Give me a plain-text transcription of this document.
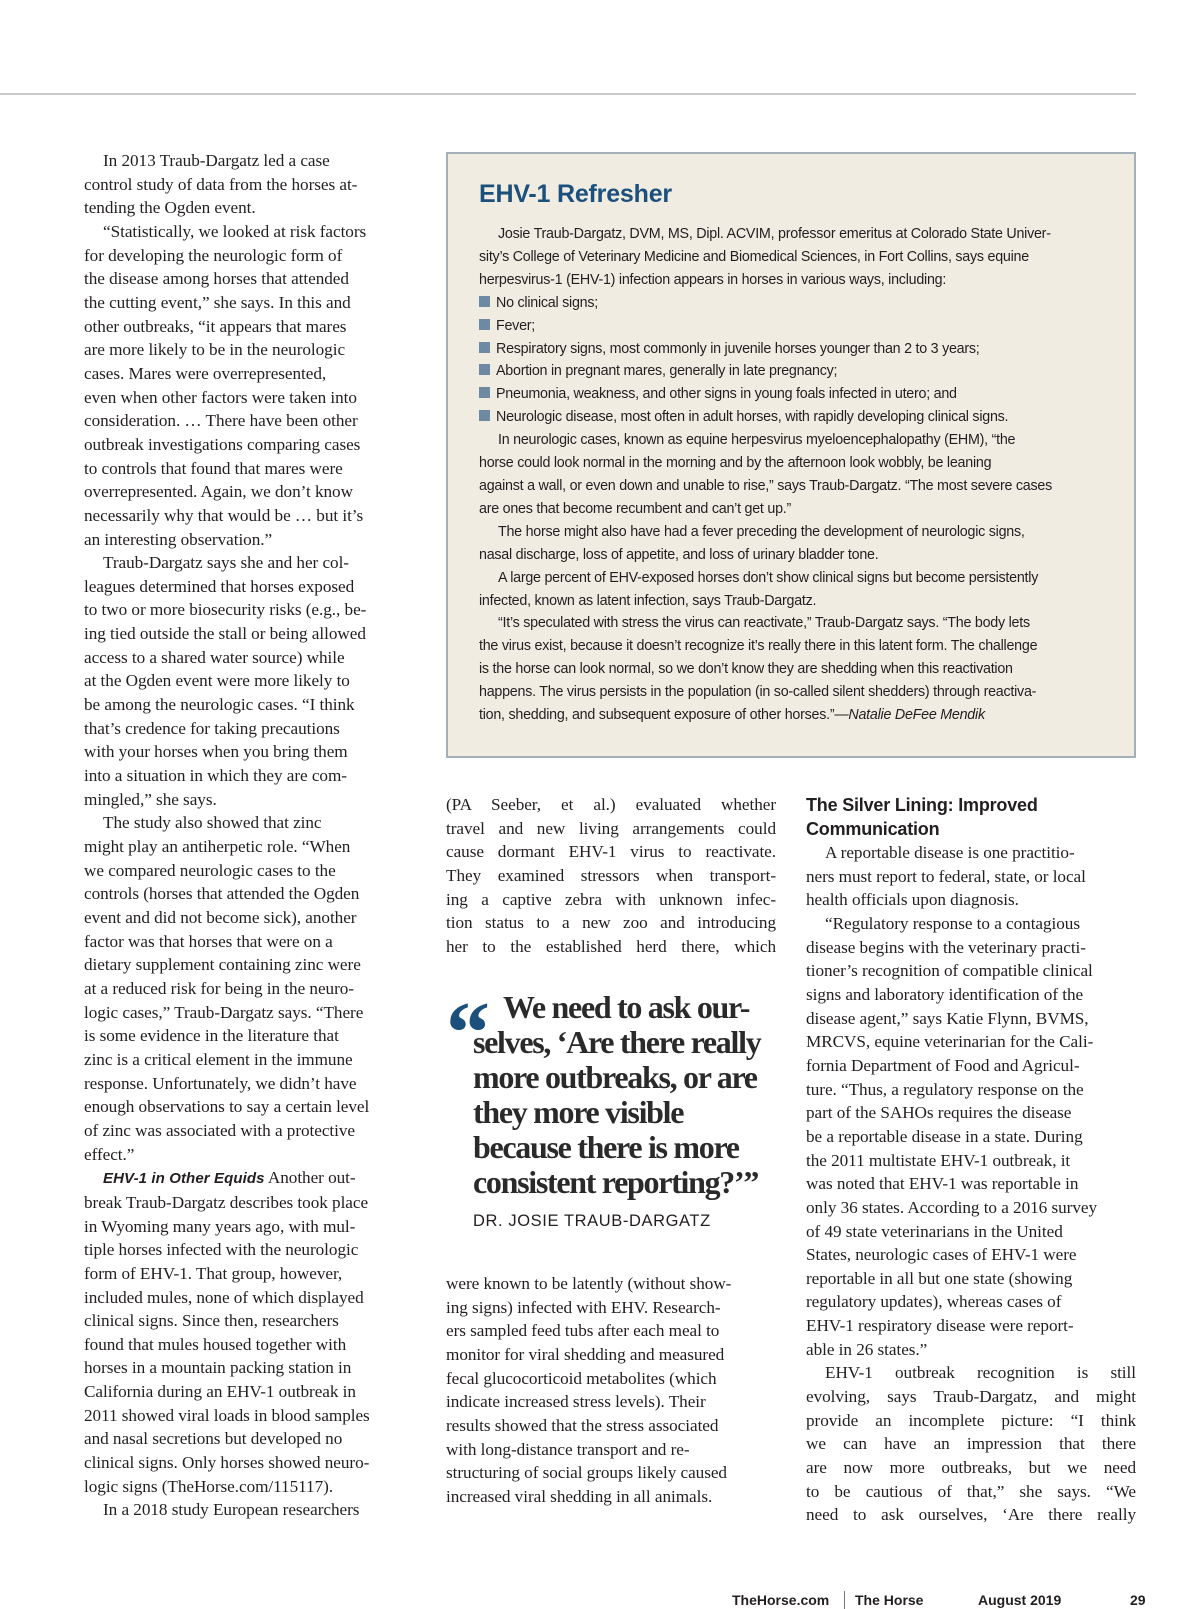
In 2013 Traub-Dargatz led a case
control study of data from the horses at-
tending the Ogden event.

“Statistically, we looked at risk factors
for developing the neurologic form of
the disease among horses that attended
the cutting event,” she says. In this and
other outbreaks, “it appears that mares
are more likely to be in the neurologic
cases. Mares were overrepresented,
even when other factors were taken into
consideration. … There have been other
outbreak investigations comparing cases
to controls that found that mares were
overrepresented. Again, we don’t know
necessarily why that would be … but it’s
an interesting observation.”

Traub-Dargatz says she and her col-
leagues determined that horses exposed
to two or more biosecurity risks (e.g., be-
ing tied outside the stall or being allowed
access to a shared water source) while
at the Ogden event were more likely to
be among the neurologic cases. “I think
that’s credence for taking precautions
with your horses when you bring them
into a situation in which they are com-
mingled,” she says.

The study also showed that zinc
might play an antiherpetic role. “When
we compared neurologic cases to the
controls (horses that attended the Ogden
event and did not become sick), another
factor was that horses that were on a
dietary supplement containing zinc were
at a reduced risk for being in the neuro-
logic cases,” Traub-Dargatz says. “There
is some evidence in the literature that
zinc is a critical element in the immune
response. Unfortunately, we didn’t have
enough observations to say a certain level
of zinc was associated with a protective
effect.”

EHV-1 in Other Equids Another out-
break Traub-Dargatz describes took place
in Wyoming many years ago, with mul-
tiple horses infected with the neurologic
form of EHV-1. That group, however,
included mules, none of which displayed
clinical signs. Since then, researchers
found that mules housed together with
horses in a mountain packing station in
California during an EHV-1 outbreak in
2011 showed viral loads in blood samples
and nasal secretions but developed no
clinical signs. Only horses showed neuro-
logic signs (TheHorse.com/115117).

In a 2018 study European researchers

EHV-1 Refresher

Josie Traub-Dargatz, DVM, MS, Dipl. ACVIM, professor emeritus at Colorado State Univer-
sity’s College of Veterinary Medicine and Biomedical Sciences, in Fort Collins, says equine
herpesvirus-1 (EHV-1) infection appears in horses in various ways, including:

No clinical signs;
Fever;
Respiratory signs, most commonly in juvenile horses younger than 2 to 3 years;
Abortion in pregnant mares, generally in late pregnancy;
Pneumonia, weakness, and other signs in young foals infected in utero; and
Neurologic disease, most often in adult horses, with rapidly developing clinical signs.

In neurologic cases, known as equine herpesvirus myeloencephalopathy (EHM), “the
horse could look normal in the morning and by the afternoon look wobbly, be leaning
against a wall, or even down and unable to rise,” says Traub-Dargatz. “The most severe cases
are ones that become recumbent and can’t get up.”

The horse might also have had a fever preceding the development of neurologic signs,
nasal discharge, loss of appetite, and loss of urinary bladder tone.

A large percent of EHV-exposed horses don’t show clinical signs but become persistently
infected, known as latent infection, says Traub-Dargatz.

“It’s speculated with stress the virus can reactivate,” Traub-Dargatz says. “The body lets
the virus exist, because it doesn’t recognize it’s really there in this latent form. The challenge
is the horse can look normal, so we don’t know they are shedding when this reactivation
happens. The virus persists in the population (in so-called silent shedders) through reactiva-
tion, shedding, and subsequent exposure of other horses.”—Natalie DeFee Mendik

(PA Seeber, et al.) evaluated whether
travel and new living arrangements could
cause dormant EHV-1 virus to reactivate.
They examined stressors when transport-
ing a captive zebra with unknown infec-
tion status to a new zoo and introducing
her to the established herd there, which

“ We need to ask our-
selves, ‘Are there really
more outbreaks, or are
they more visible
because there is more
consistent reporting?’”

DR. JOSIE TRAUB-DARGATZ

were known to be latently (without show-
ing signs) infected with EHV. Research-
ers sampled feed tubs after each meal to
monitor for viral shedding and measured
fecal glucocorticoid metabolites (which
indicate increased stress levels). Their
results showed that the stress associated
with long-distance transport and re-
structuring of social groups likely caused
increased viral shedding in all animals.

The Silver Lining: Improved
Communication

A reportable disease is one practitio-
ners must report to federal, state, or local
health officials upon diagnosis.

“Regulatory response to a contagious
disease begins with the veterinary practi-
tioner’s recognition of compatible clinical
signs and laboratory identification of the
disease agent,” says Katie Flynn, BVMS,
MRCVS, equine veterinarian for the Cali-
fornia Department of Food and Agricul-
ture. “Thus, a regulatory response on the
part of the SAHOs requires the disease
be a reportable disease in a state. During
the 2011 multistate EHV-1 outbreak, it
was noted that EHV-1 was reportable in
only 36 states. According to a 2016 survey
of 49 state veterinarians in the United
States, neurologic cases of EHV-1 were
reportable in all but one state (showing
regulatory updates), whereas cases of
EHV-1 respiratory disease were report-
able in 26 states.”

EHV-1 outbreak recognition is still
evolving, says Traub-Dargatz, and might
provide an incomplete picture: “I think
we can have an impression that there
are now more outbreaks, but we need
to be cautious of that,” she says. “We
need to ask ourselves, ‘Are there really

TheHorse.com The Horse	August 2019	29
